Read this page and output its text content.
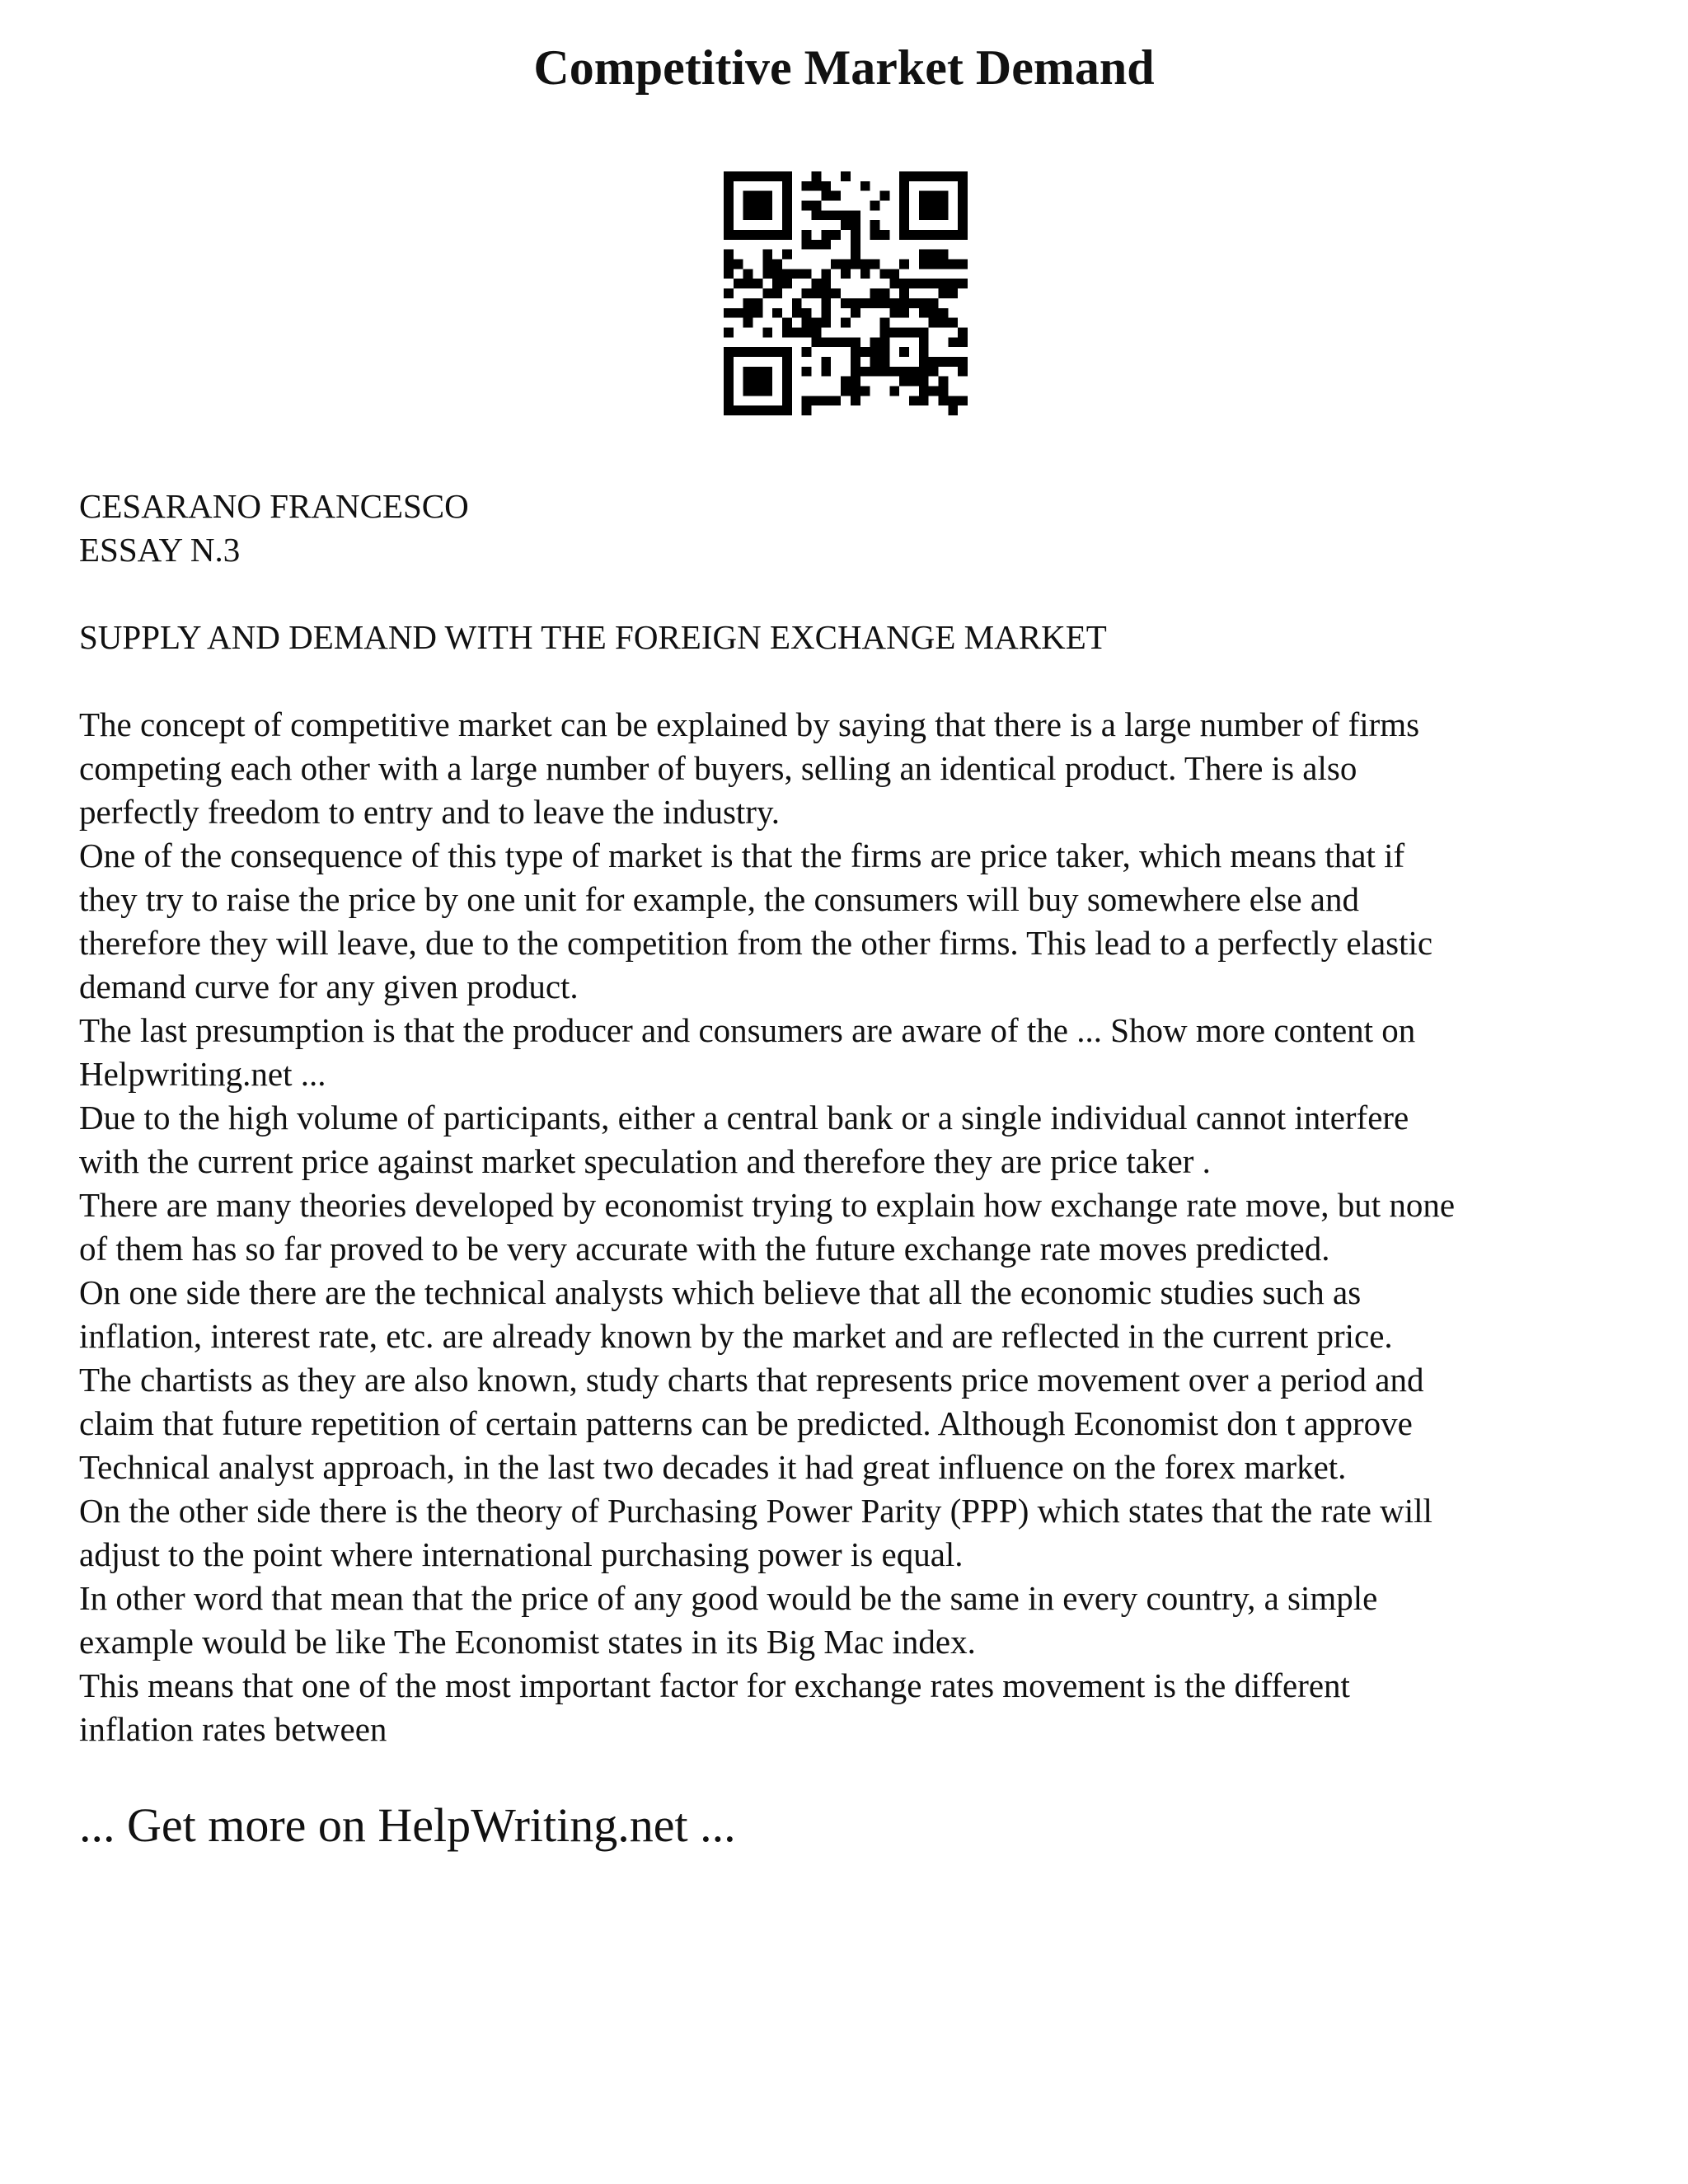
Competitive Market Demand

CESARANO FRANCESCO

ESSAY N.3

SUPPLY AND DEMAND WITH THE FOREIGN EXCHANGE MARKET

The concept of competitive market can be explained by saying that there is a large number of firms

competing each other with a large number of buyers, selling an identical product. There is also

perfectly freedom to entry and to leave the industry.

One of the consequence of this type of market is that the firms are price taker, which means that if

they try to raise the price by one unit for example, the consumers will buy somewhere else and

therefore they will leave, due to the competition from the other firms. This lead to a perfectly elastic

demand curve for any given product.

The last presumption is that the producer and consumers are aware of the ... Show more content on

Helpwriting.net ...

Due to the high volume of participants, either a central bank or a single individual cannot interfere

with the current price against market speculation and therefore they are price taker .

There are many theories developed by economist trying to explain how exchange rate move, but none

of them has so far proved to be very accurate with the future exchange rate moves predicted.

On one side there are the technical analysts which believe that all the economic studies such as

inflation, interest rate, etc. are already known by the market and are reflected in the current price.

The chartists as they are also known, study charts that represents price movement over a period and

claim that future repetition of certain patterns can be predicted. Although Economist don t approve

Technical analyst approach, in the last two decades it had great influence on the forex market.

On the other side there is the theory of Purchasing Power Parity (PPP) which states that the rate will

adjust to the point where international purchasing power is equal.

In other word that mean that the price of any good would be the same in every country, a simple

example would be like The Economist states in its Big Mac index.

This means that one of the most important factor for exchange rates movement is the different

inflation rates between

... Get more on HelpWriting.net ...
